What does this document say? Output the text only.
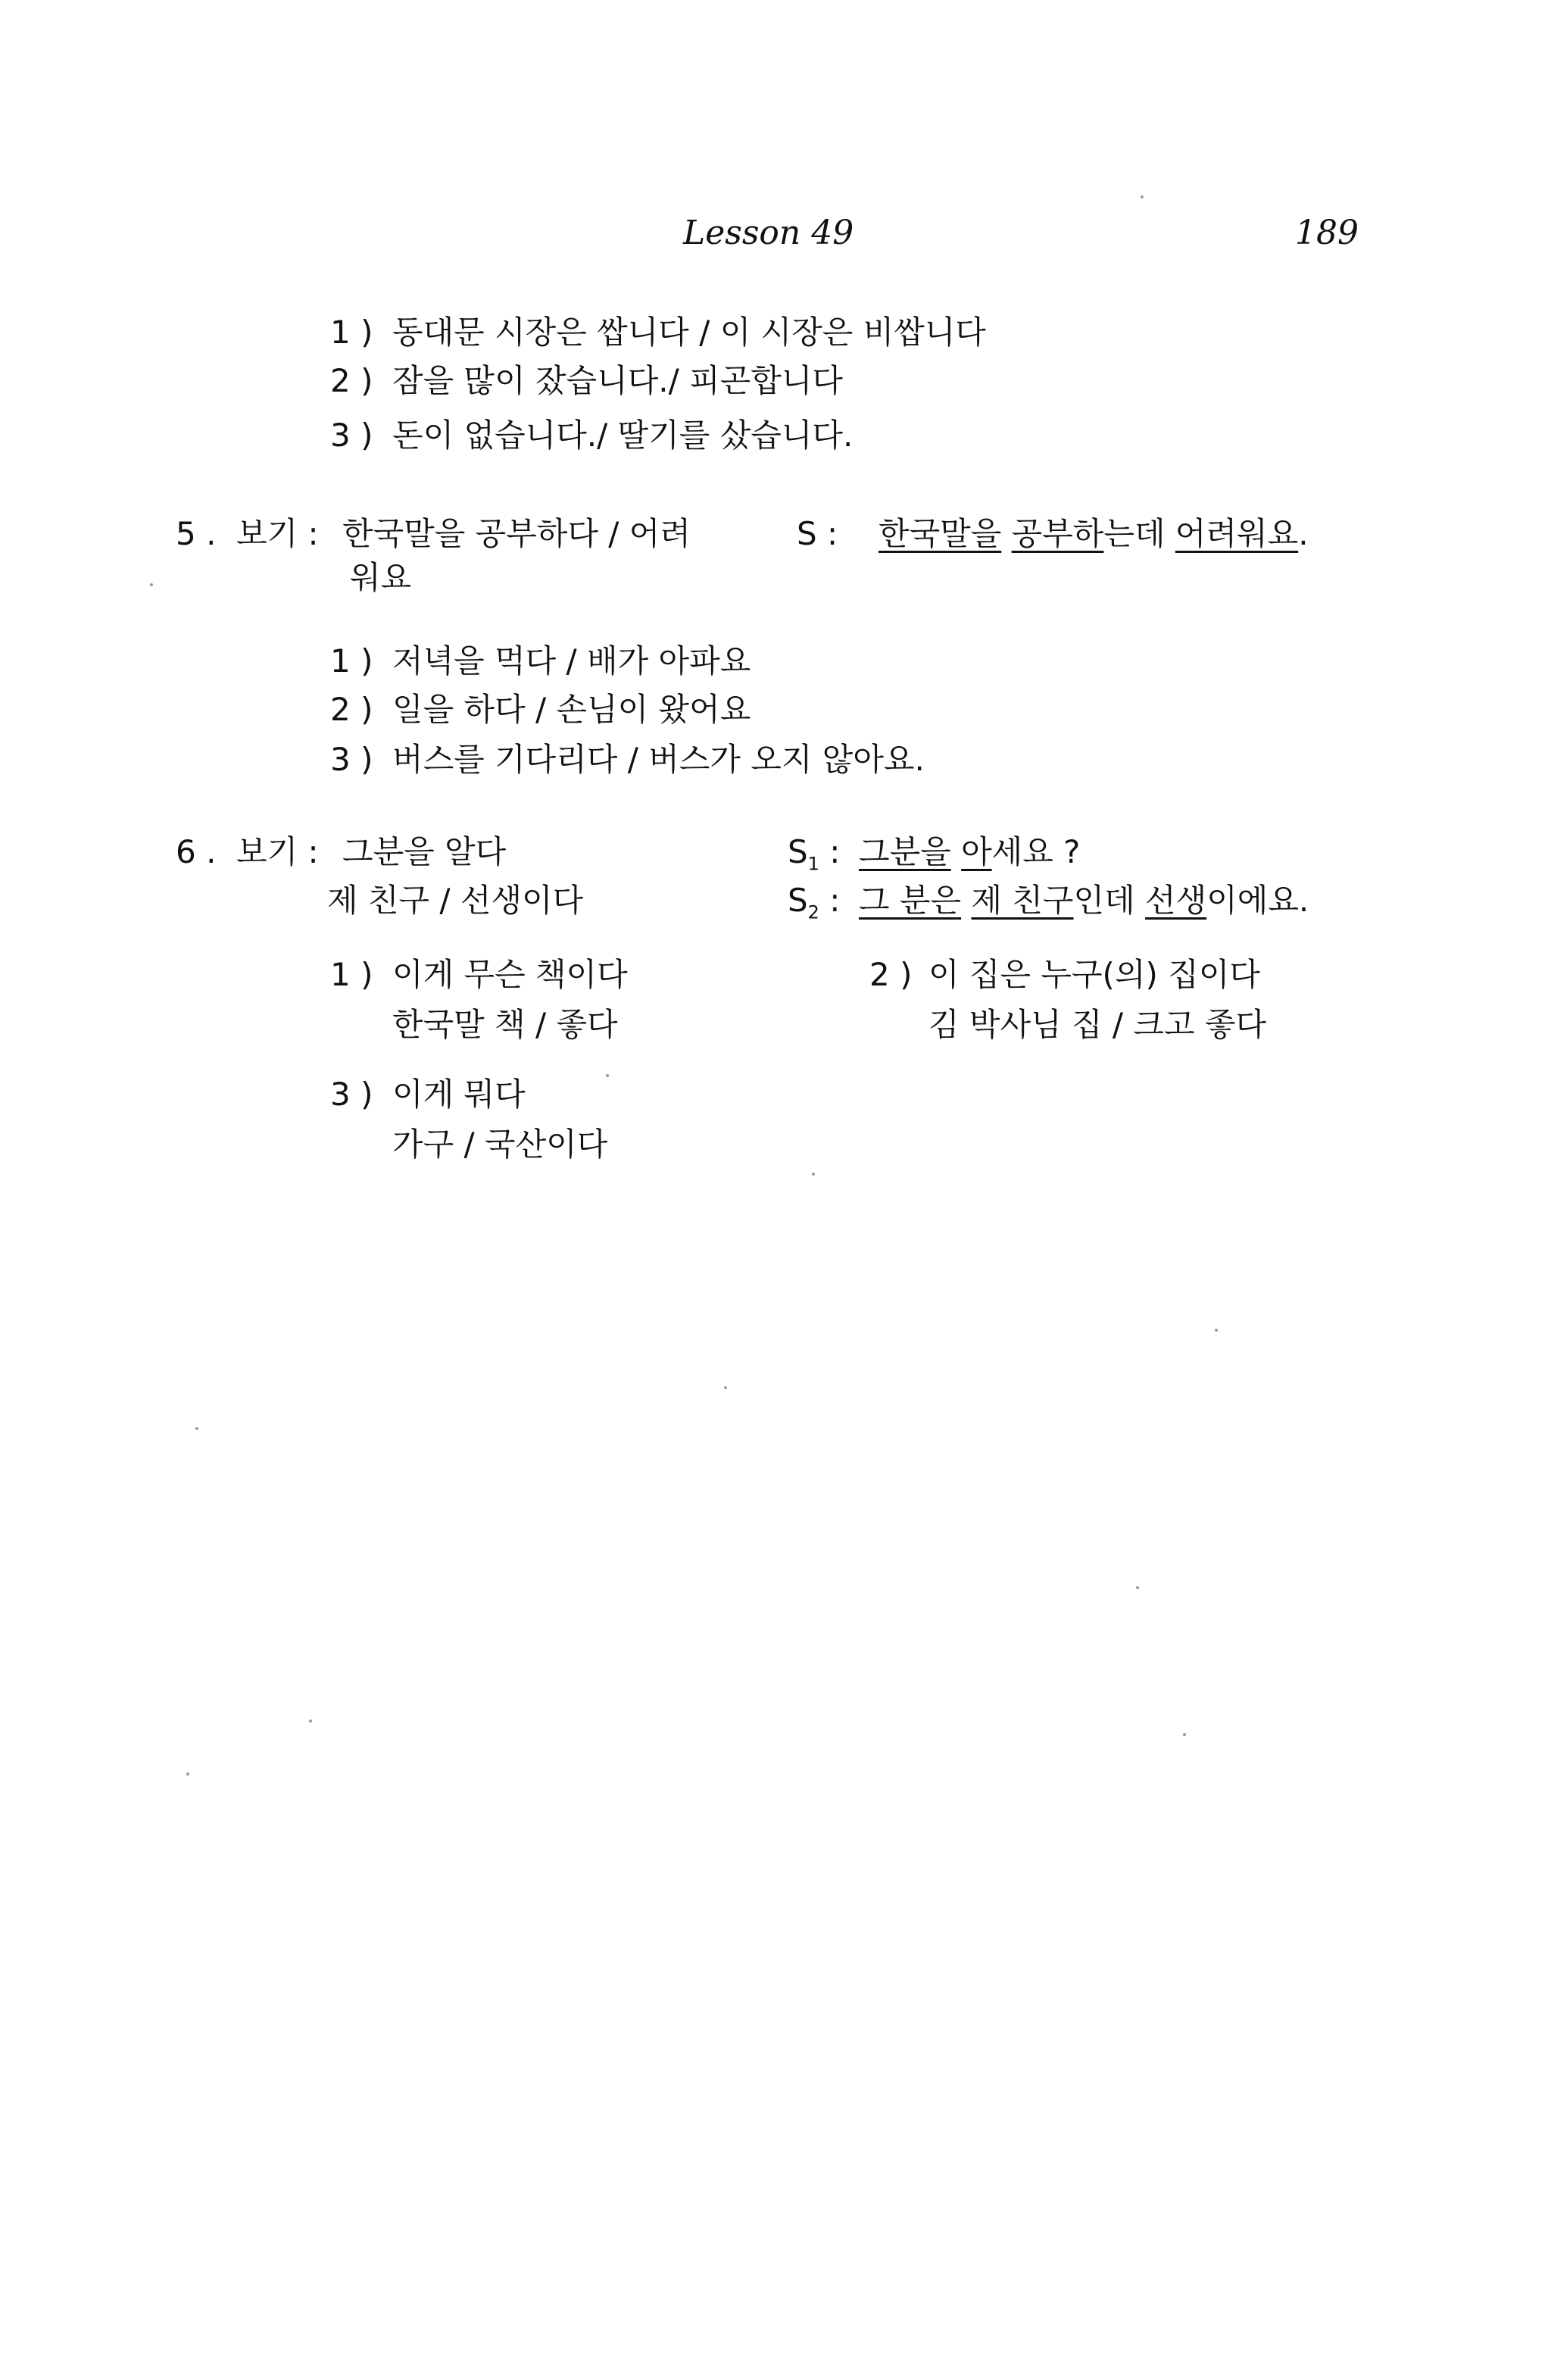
Lesson 49	189
1 ) 동대문 시장은 쌉니다 / 이 시장은 비쌉니다
2 ) 잠을 많이 잤습니다./ 피곤합니다
3 ) 돈이 없습니다./ 딸기를 샀습니다.
5 . 보기 : 한국말을 공부하다 / 어려
워요
S : 한국말을 공부하는데 어려워요.
1 ) 저녁을 먹다 / 배가 아파요
2 ) 일을 하다 / 손님이 왔어요
3 ) 버스를 기다리다 / 버스가 오지 않아요.
6 . 보기 : 그분을 알다
제 친구 / 선생이다
$S_1$ : 그분을 아세요 ?
$S_2$ : 그 분은 제 친구인데 선생이에요.
1 ) 이게 무슨 책이다
한국말 책 / 좋다
2 ) 이 집은 누구(의) 집이다
김 박사님 집 / 크고 좋다
3 ) 이게 뭐다
가구 / 국산이다
